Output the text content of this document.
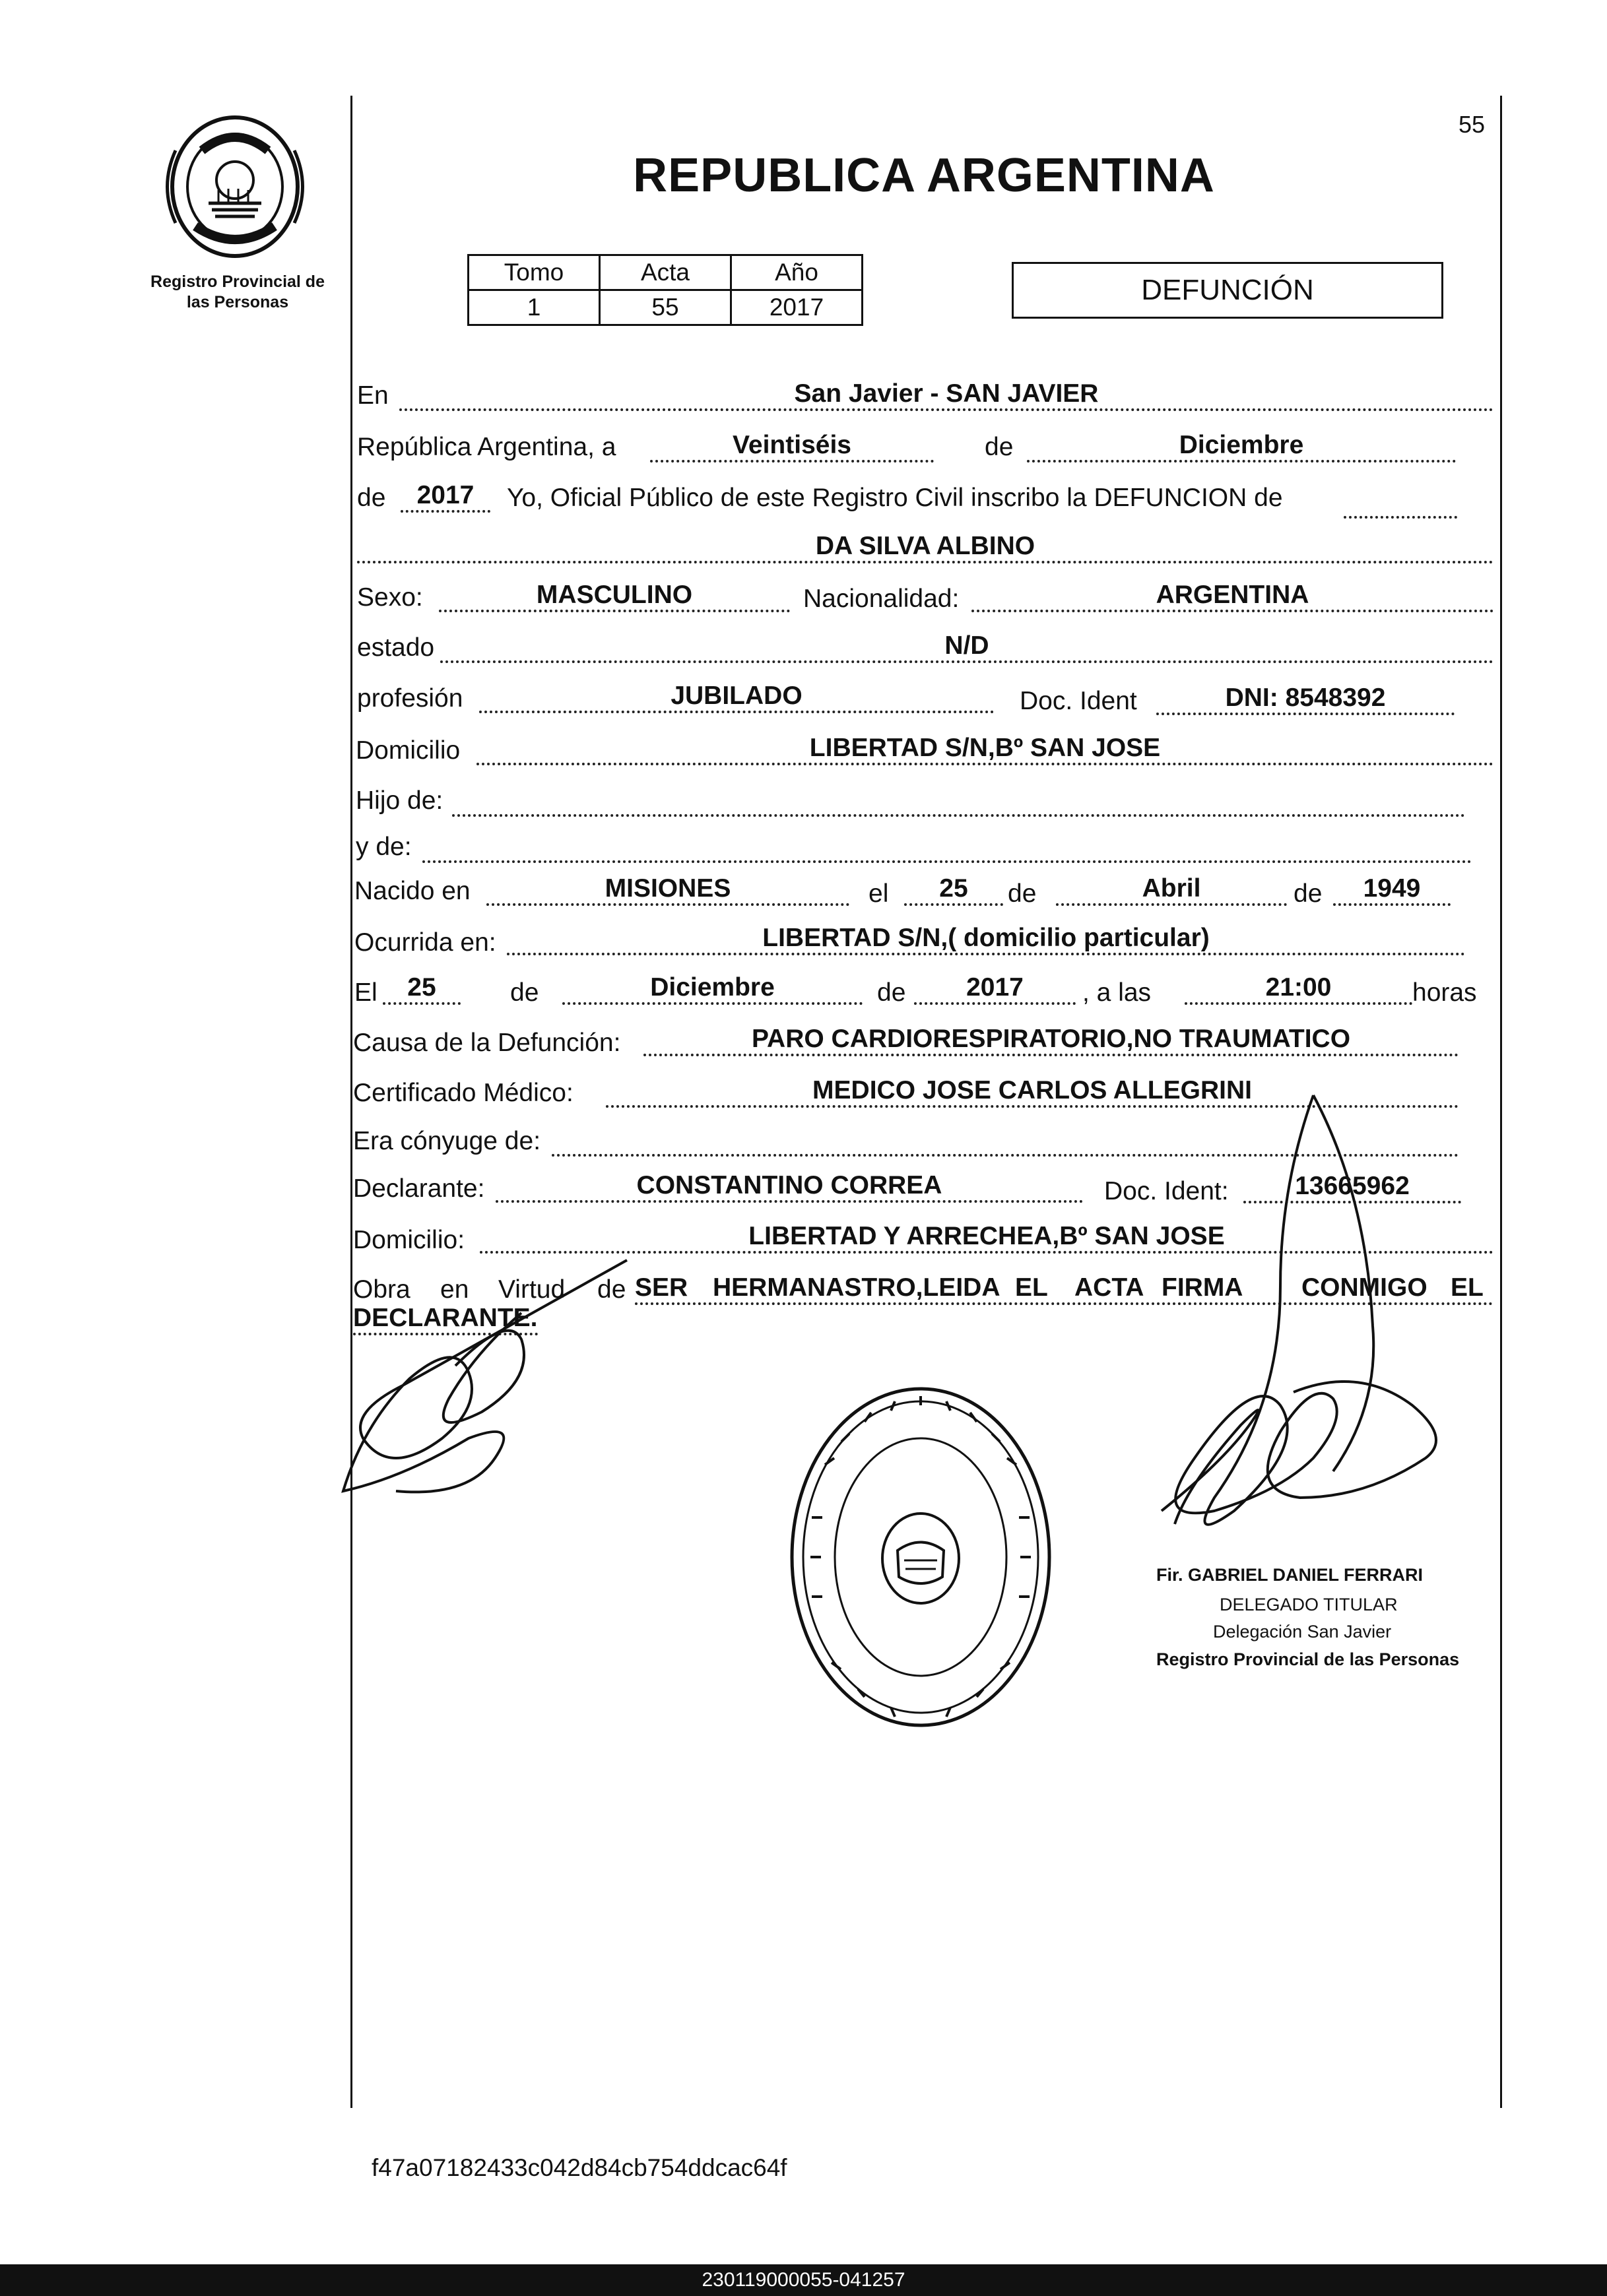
55
REPUBLICA ARGENTINA
Registro Provincial de
las Personas
Tomo	Acta	Año
1	55	2017
DEFUNCIÓN
En	San Javier - SAN JAVIER
República Argentina, a	Veintiséis	de	Diciembre
de	2017	Yo, Oficial Público de este Registro Civil inscribo la DEFUNCION de
DA SILVA ALBINO
Sexo:	MASCULINO	Nacionalidad:	ARGENTINA
estado	N/D
profesión	JUBILADO	Doc. Ident	DNI: 8548392
Domicilio	LIBERTAD S/N,Bº SAN JOSE
Hijo de:
y de:
Nacido en	MISIONES	el	25	de	Abril	de	1949
Ocurrida en:	LIBERTAD S/N,( domicilio particular)
El	25	de	Diciembre	de	2017	, a las	21:00	horas
Causa de la Defunción:	PARO CARDIORESPIRATORIO,NO TRAUMATICO
Certificado Médico:	MEDICO JOSE CARLOS ALLEGRINI
Era cónyuge de:
Declarante:	CONSTANTINO CORREA	Doc. Ident:	13665962
Domicilio:	LIBERTAD Y ARRECHEA,Bº SAN JOSE
Obra en Virtud de SER HERMANASTRO,LEIDA EL ACTA FIRMA CONMIGO EL
DECLARANTE.
Fir. GABRIEL DANIEL FERRARI
DELEGADO TITULAR
Delegación San Javier
Registro Provincial de las Personas
f47a07182433c042d84cb754ddcac64f
230119000055-041257
